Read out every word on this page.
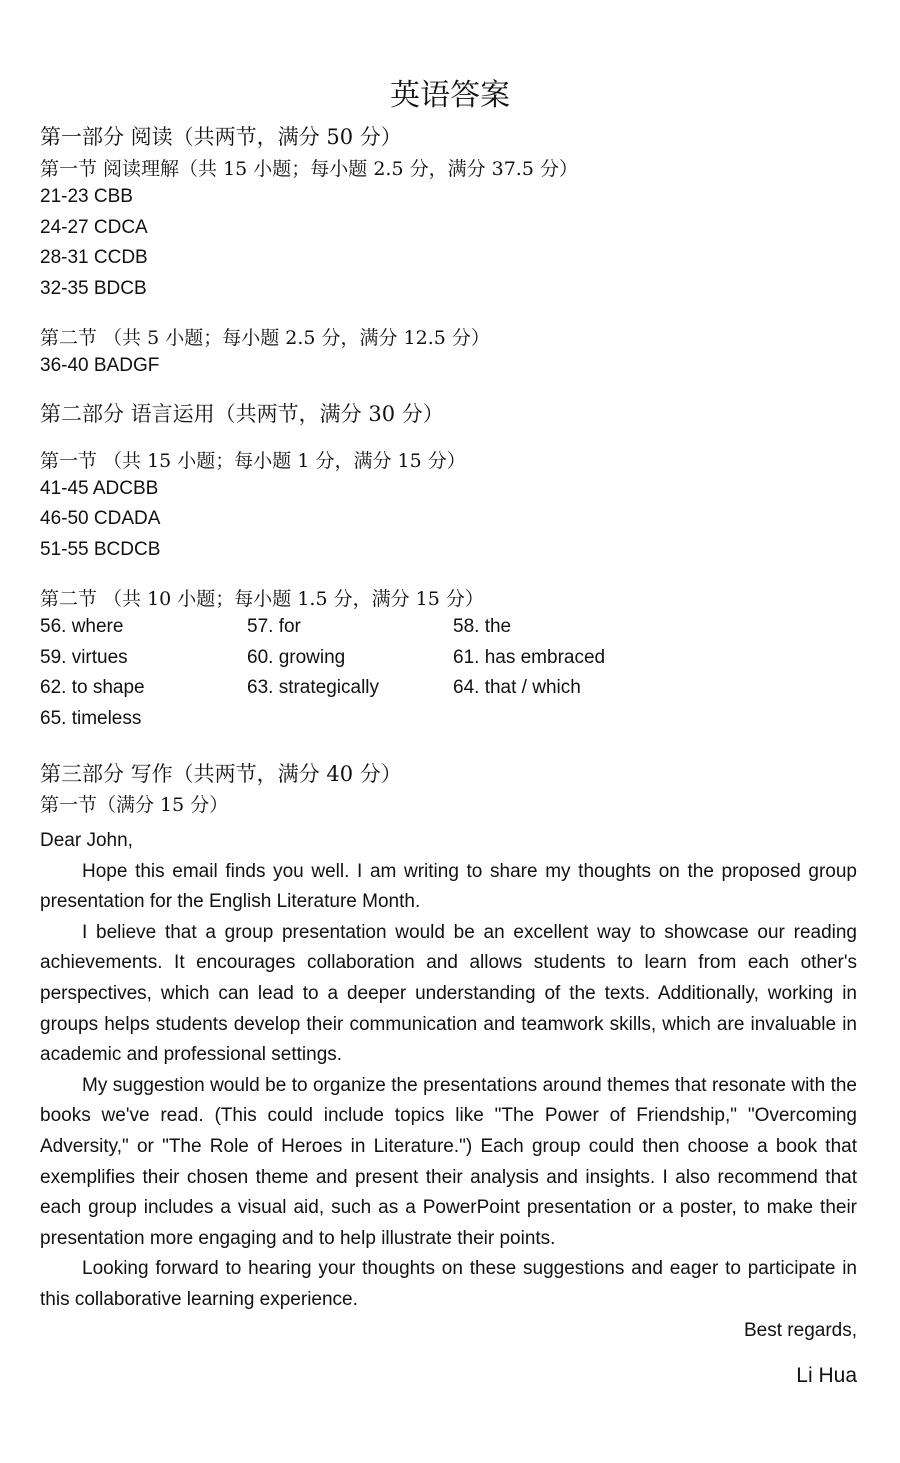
英语答案
第一部分 阅读（共两节，满分 50 分）
第一节 阅读理解（共 15 小题；每小题 2.5 分，满分 37.5 分）
21-23 CBB
24-27 CDCA
28-31 CCDB
32-35 BDCB
第二节 （共 5 小题；每小题 2.5 分，满分 12.5 分）
36-40 BADGF
第二部分 语言运用（共两节，满分 30 分）
第一节 （共 15 小题；每小题 1 分，满分 15 分）
41-45 ADCBB
46-50 CDADA
51-55 BCDCB
第二节 （共 10 小题；每小题 1.5 分，满分 15 分）
56. where	57. for	58. the
59. virtues	60. growing	61. has embraced
62. to shape	63. strategically	64. that / which
65. timeless
第三部分 写作（共两节，满分 40 分）
第一节（满分 15 分）

Dear John,

Hope this email finds you well. I am writing to share my thoughts on the proposed group presentation for the English Literature Month.

I believe that a group presentation would be an excellent way to showcase our reading achievements. It encourages collaboration and allows students to learn from each other's perspectives, which can lead to a deeper understanding of the texts. Additionally, working in groups helps students develop their communication and teamwork skills, which are invaluable in academic and professional settings.

My suggestion would be to organize the presentations around themes that resonate with the books we've read. (This could include topics like "The Power of Friendship," "Overcoming Adversity," or "The Role of Heroes in Literature.") Each group could then choose a book that exemplifies their chosen theme and present their analysis and insights. I also recommend that each group includes a visual aid, such as a PowerPoint presentation or a poster, to make their presentation more engaging and to help illustrate their points.

Looking forward to hearing your thoughts on these suggestions and eager to participate in this collaborative learning experience.

Best regards,
Li Hua
